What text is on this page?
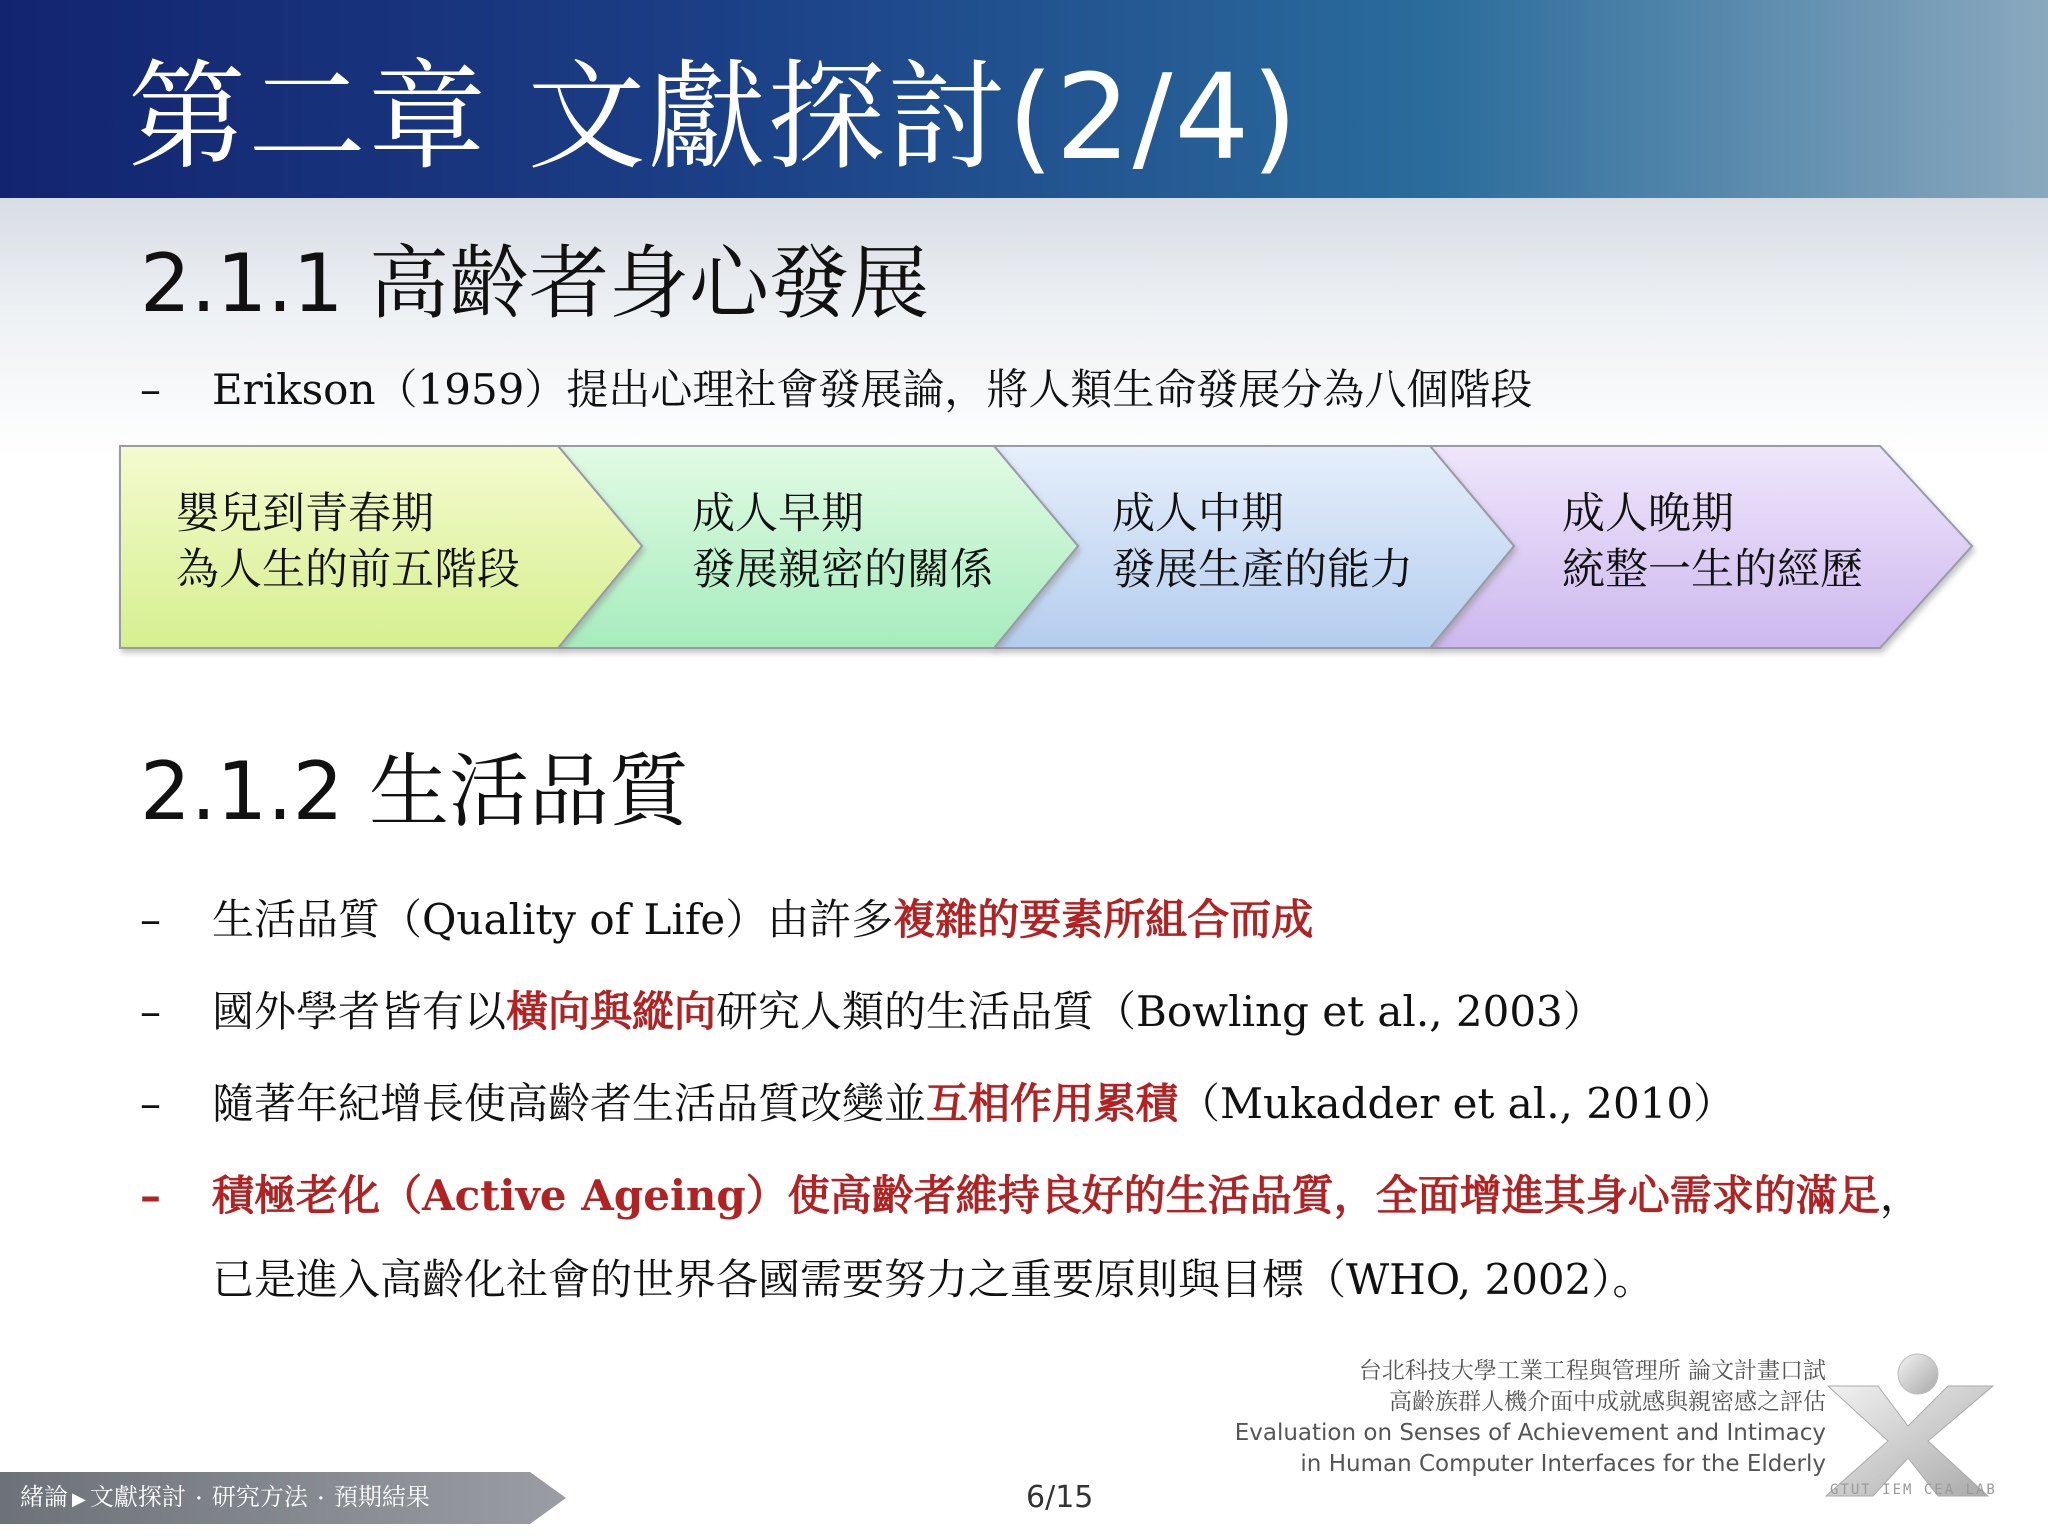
第二章 文獻探討(2/4)
2.1.1 高齡者身心發展
– Erikson（1959）提出心理社會發展論，將人類生命發展分為八個階段
嬰兒到青春期
為人生的前五階段
成人早期
發展親密的關係
成人中期
發展生產的能力
成人晚期
統整一生的經歷
2.1.2 生活品質
– 生活品質（Quality of Life）由許多複雜的要素所組合而成
– 國外學者皆有以橫向與縱向研究人類的生活品質（Bowling et al., 2003）
– 隨著年紀增長使高齡者生活品質改變並互相作用累積（Mukadder et al., 2010）
– 積極老化（Active Ageing）使高齡者維持良好的生活品質，全面增進其身心需求的滿足，
已是進入高齡化社會的世界各國需要努力之重要原則與目標（WHO, 2002）。
台北科技大學工業工程與管理所 論文計畫口試
高齡族群人機介面中成就感與親密感之評估
Evaluation on Senses of Achievement and Intimacy
in Human Computer Interfaces for the Elderly
GTUT IEM CEA LAB
緒論 ▶ 文獻探討 ・ 研究方法 ・ 預期結果	6/15
